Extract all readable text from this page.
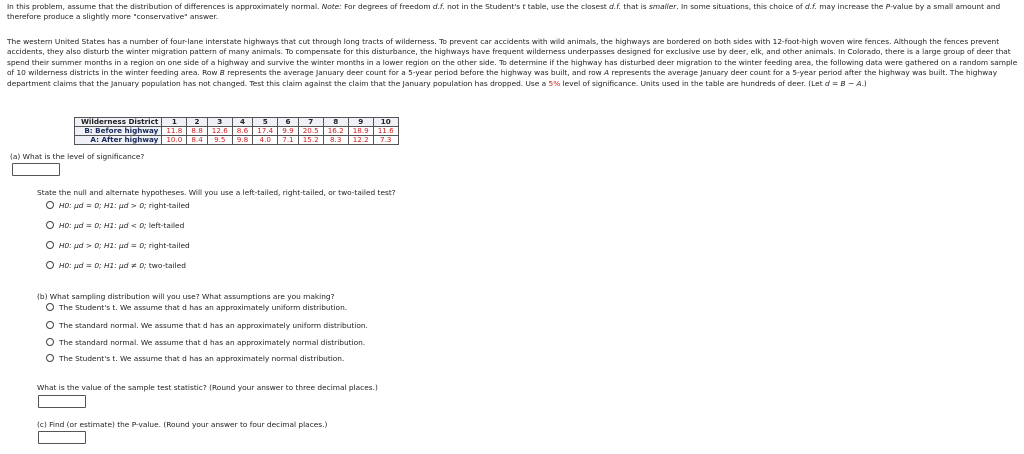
In this problem, assume that the distribution of differences is approximately normal. Note: For degrees of freedom d.f. not in the Student's t table, use the closest d.f. that is smaller. In some situations, this choice of d.f. may increase the P-value by a small amount and therefore produce a slightly more "conservative" answer.

The western United States has a number of four-lane interstate highways that cut through long tracts of wilderness. To prevent car accidents with wild animals, the highways are bordered on both sides with 12-foot-high woven wire fences. Although the fences prevent accidents, they also disturb the winter migration pattern of many animals. To compensate for this disturbance, the highways have frequent wilderness underpasses designed for exclusive use by deer, elk, and other animals. In Colorado, there is a large group of deer that spend their summer months in a region on one side of a highway and survive the winter months in a lower region on the other side. To determine if the highway has disturbed deer migration to the winter feeding area, the following data were gathered on a random sample of 10 wilderness districts in the winter feeding area. Row B represents the average January deer count for a 5-year period before the highway was built, and row A represents the average January deer count for a 5-year period after the highway was built. The highway department claims that the January population has not changed. Test this claim against the claim that the January population has dropped. Use a 5% level of significance. Units used in the table are hundreds of deer. (Let d = B − A.)

Wilderness District	1	2	3	4	5	6	7	8	9	10
B: Before highway	11.8	8.8	12.6	8.6	17.4	9.9	20.5	16.2	18.9	11.6
A: After highway	10.0	8.4	9.5	9.8	4.0	7.1	15.2	8.3	12.2	7.3
(a) What is the level of significance?
State the null and alternate hypotheses. Will you use a left-tailed, right-tailed, or two-tailed test?
H0: μd = 0; H1: μd > 0; right-tailed
H0: μd = 0; H1: μd < 0; left-tailed
H0: μd > 0; H1: μd = 0; right-tailed
H0: μd = 0; H1: μd ≠ 0; two-tailed
(b) What sampling distribution will you use? What assumptions are you making?
The Student's t. We assume that d has an approximately uniform distribution.
The standard normal. We assume that d has an approximately uniform distribution.
The standard normal. We assume that d has an approximately normal distribution.
The Student's t. We assume that d has an approximately normal distribution.
What is the value of the sample test statistic? (Round your answer to three decimal places.)
(c) Find (or estimate) the P-value. (Round your answer to four decimal places.)
